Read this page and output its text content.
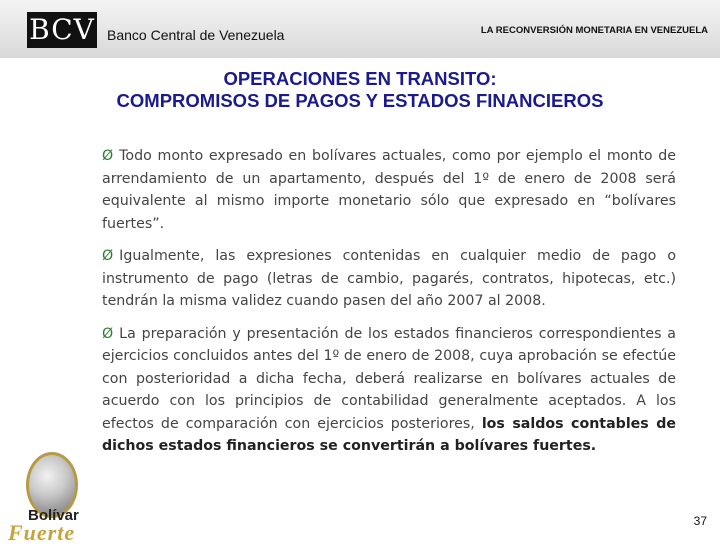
BCV Banco Central de Venezuela	LA RECONVERSIÓN MONETARIA EN VENEZUELA
OPERACIONES EN TRANSITO:
COMPROMISOS DE PAGOS Y ESTADOS FINANCIEROS

Ø Todo monto expresado en bolívares actuales, como por ejemplo el monto de arrendamiento de un apartamento, después del 1º de enero de 2008 será equivalente al mismo importe monetario sólo que expresado en “bolívares fuertes”.

Ø Igualmente, las expresiones contenidas en cualquier medio de pago o instrumento de pago (letras de cambio, pagarés, contratos, hipotecas, etc.) tendrán la misma validez cuando pasen del año 2007 al 2008.

Ø La preparación y presentación de los estados financieros correspondientes a ejercicios concluidos antes del 1º de enero de 2008, cuya aprobación se efectúe con posterioridad a dicha fecha, deberá realizarse en bolívares actuales de acuerdo con los principios de contabilidad generalmente aceptados. A los efectos de comparación con ejercicios posteriores, los saldos contables de dichos estados financieros se convertirán a bolívares fuertes.

Bolívar
Fuerte	37
